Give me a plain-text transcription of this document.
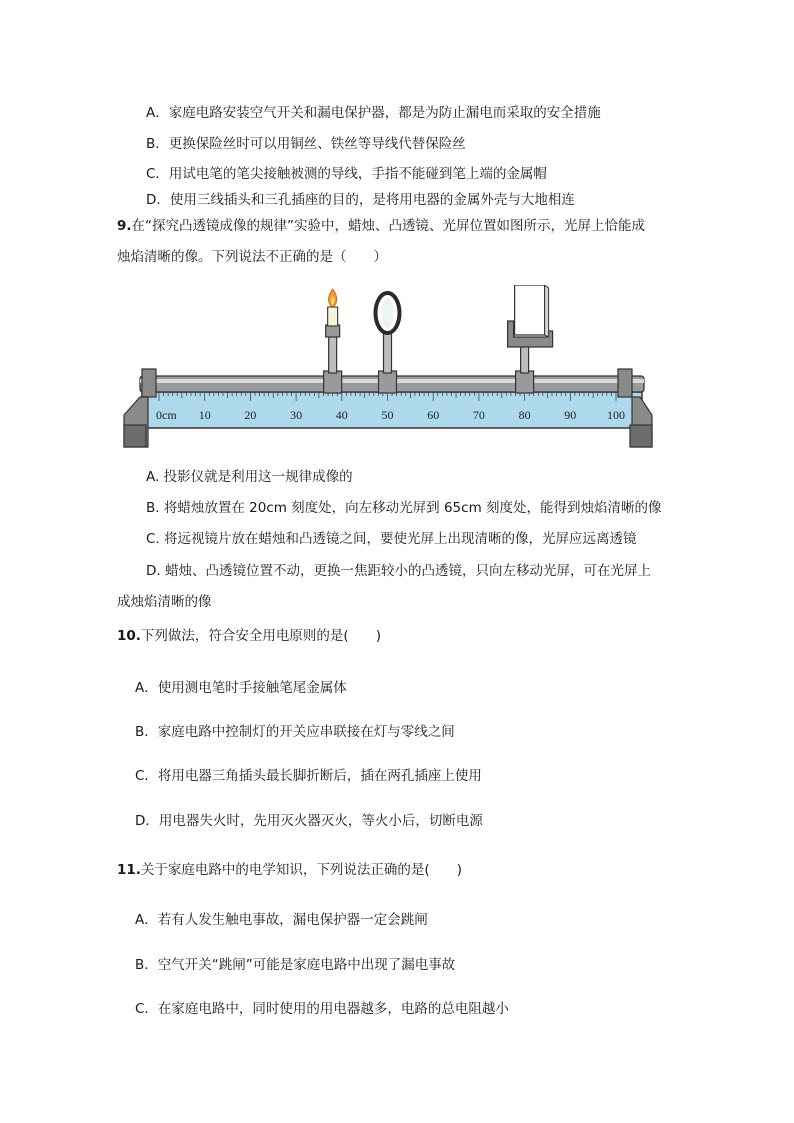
A．家庭电路安装空气开关和漏电保护器，都是为防止漏电而采取的安全措施
B．更换保险丝时可以用铜丝、铁丝等导线代替保险丝
C．用试电笔的笔尖接触被测的导线，手指不能碰到笔上端的金属帽
D．使用三线插头和三孔插座的目的，是将用电器的金属外壳与大地相连
9.在“探究凸透镜成像的规律”实验中，蜡烛、凸透镜、光屏位置如图所示，光屏上恰能成
烛焰清晰的像。下列说法不正确的是（　　）
0cm 10	20	30	40	50	60	70	80	90	100
A. 投影仪就是利用这一规律成像的
B. 将蜡烛放置在 20cm 刻度处，向左移动光屏到 65cm 刻度处，能得到烛焰清晰的像
C. 将远视镜片放在蜡烛和凸透镜之间，要使光屏上出现清晰的像，光屏应远离透镜
D. 蜡烛、凸透镜位置不动，更换一焦距较小的凸透镜，只向左移动光屏，可在光屏上
成烛焰清晰的像
10.下列做法，符合安全用电原则的是(　　)
A．使用测电笔时手接触笔尾金属体
B．家庭电路中控制灯的开关应串联接在灯与零线之间
C．将用电器三角插头最长脚折断后，插在两孔插座上使用
D．用电器失火时，先用灭火器灭火，等火小后，切断电源
11.关于家庭电路中的电学知识，下列说法正确的是(　　)
A．若有人发生触电事故，漏电保护器一定会跳闸
B．空气开关“跳闸”可能是家庭电路中出现了漏电事故
C．在家庭电路中，同时使用的用电器越多，电路的总电阻越小
